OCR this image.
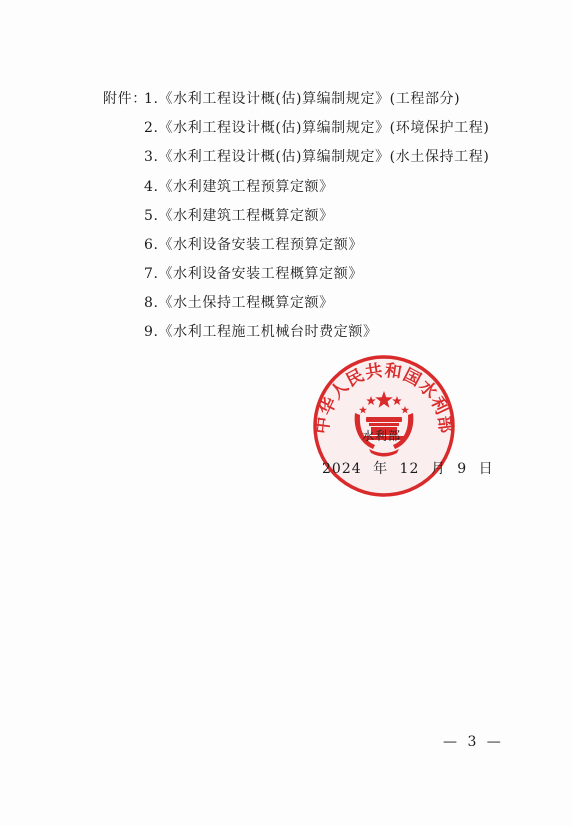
附件：
1.《水利工程设计概(估)算编制规定》(工程部分)
2.《水利工程设计概(估)算编制规定》(环境保护工程)
3.《水利工程设计概(估)算编制规定》(水土保持工程)
4.《水利建筑工程预算定额》
5.《水利建筑工程概算定额》
6.《水利设备安装工程预算定额》
7.《水利设备安装工程概算定额》
8.《水土保持工程概算定额》
9.《水利工程施工机械台时费定额》
中华人民共和国水利部
水利部
2024 年 12 月 9 日
— 3 —
